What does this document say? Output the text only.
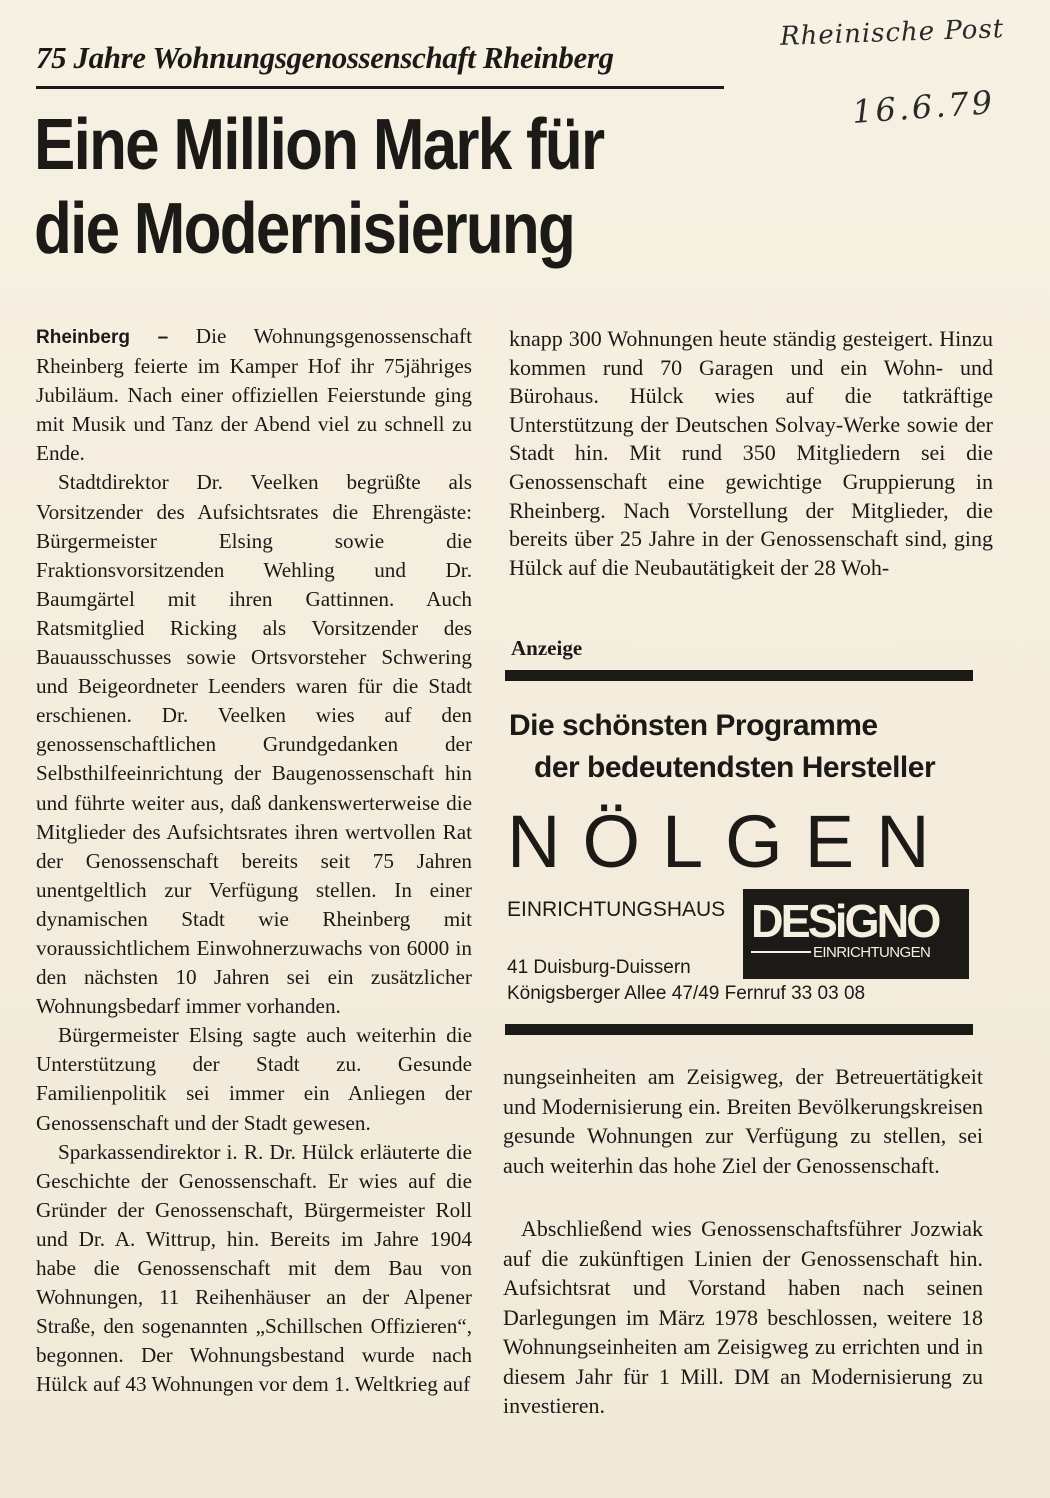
Rheinische Post
16.6.79
75 Jahre Wohnungsgenossenschaft Rheinberg
Eine Million Mark für
die Modernisierung

Rheinberg – Die Wohnungsgenossenschaft Rheinberg feierte im Kamper Hof ihr 75jähriges Jubiläum. Nach einer offiziellen Feierstunde ging mit Musik und Tanz der Abend viel zu schnell zu Ende.

Stadtdirektor Dr. Veelken begrüßte als Vorsitzender des Aufsichtsrates die Ehrengäste: Bürgermeister Elsing sowie die Fraktionsvorsitzenden Wehling und Dr. Baumgärtel mit ihren Gattinnen. Auch Ratsmitglied Ricking als Vorsitzender des Bauausschusses sowie Ortsvorsteher Schwering und Beigeordneter Leenders waren für die Stadt erschienen. Dr. Veelken wies auf den genossenschaftlichen Grundgedanken der Selbsthilfeeinrichtung der Baugenossenschaft hin und führte weiter aus, daß dankenswerterweise die Mitglieder des Aufsichtsrates ihren wertvollen Rat der Genossenschaft bereits seit 75 Jahren unentgeltlich zur Verfügung stellen. In einer dynamischen Stadt wie Rheinberg mit voraussichtlichem Einwohnerzuwachs von 6000 in den nächsten 10 Jahren sei ein zusätzlicher Wohnungsbedarf immer vorhanden.

Bürgermeister Elsing sagte auch weiterhin die Unterstützung der Stadt zu. Gesunde Familienpolitik sei immer ein Anliegen der Genossenschaft und der Stadt gewesen.

Sparkassendirektor i. R. Dr. Hülck erläuterte die Geschichte der Genossenschaft. Er wies auf die Gründer der Genossenschaft, Bürgermeister Roll und Dr. A. Wittrup, hin. Bereits im Jahre 1904 habe die Genossenschaft mit dem Bau von Wohnungen, 11 Reihenhäuser an der Alpener Straße, den sogenannten „Schillschen Offizieren“, begonnen. Der Wohnungsbestand wurde nach Hülck auf 43 Wohnungen vor dem 1. Weltkrieg auf

knapp 300 Wohnungen heute ständig gesteigert. Hinzu kommen rund 70 Garagen und ein Wohn- und Bürohaus. Hülck wies auf die tatkräftige Unterstützung der Deutschen Solvay-Werke sowie der Stadt hin. Mit rund 350 Mitgliedern sei die Genossenschaft eine gewichtige Gruppierung in Rheinberg. Nach Vorstellung der Mitglieder, die bereits über 25 Jahre in der Genossenschaft sind, ging Hülck auf die Neubautätigkeit der 28 Woh-

Anzeige
Die schönsten Programme
der bedeutendsten Hersteller
NÖLGEN
EINRICHTUNGSHAUS DESiGNO
EINRICHTUNGEN
41 Duisburg-Duissern
Königsberger Allee 47/49 Fernruf 33 03 08

nungseinheiten am Zeisigweg, der Betreuertätigkeit und Modernisierung ein. Breiten Bevölkerungskreisen gesunde Wohnungen zur Verfügung zu stellen, sei auch weiterhin das hohe Ziel der Genossenschaft.

Abschließend wies Genossenschaftsführer Jozwiak auf die zukünftigen Linien der Genossenschaft hin. Aufsichtsrat und Vorstand haben nach seinen Darlegungen im März 1978 beschlossen, weitere 18 Wohnungseinheiten am Zeisigweg zu errichten und in diesem Jahr für 1 Mill. DM an Modernisierung zu investieren.
